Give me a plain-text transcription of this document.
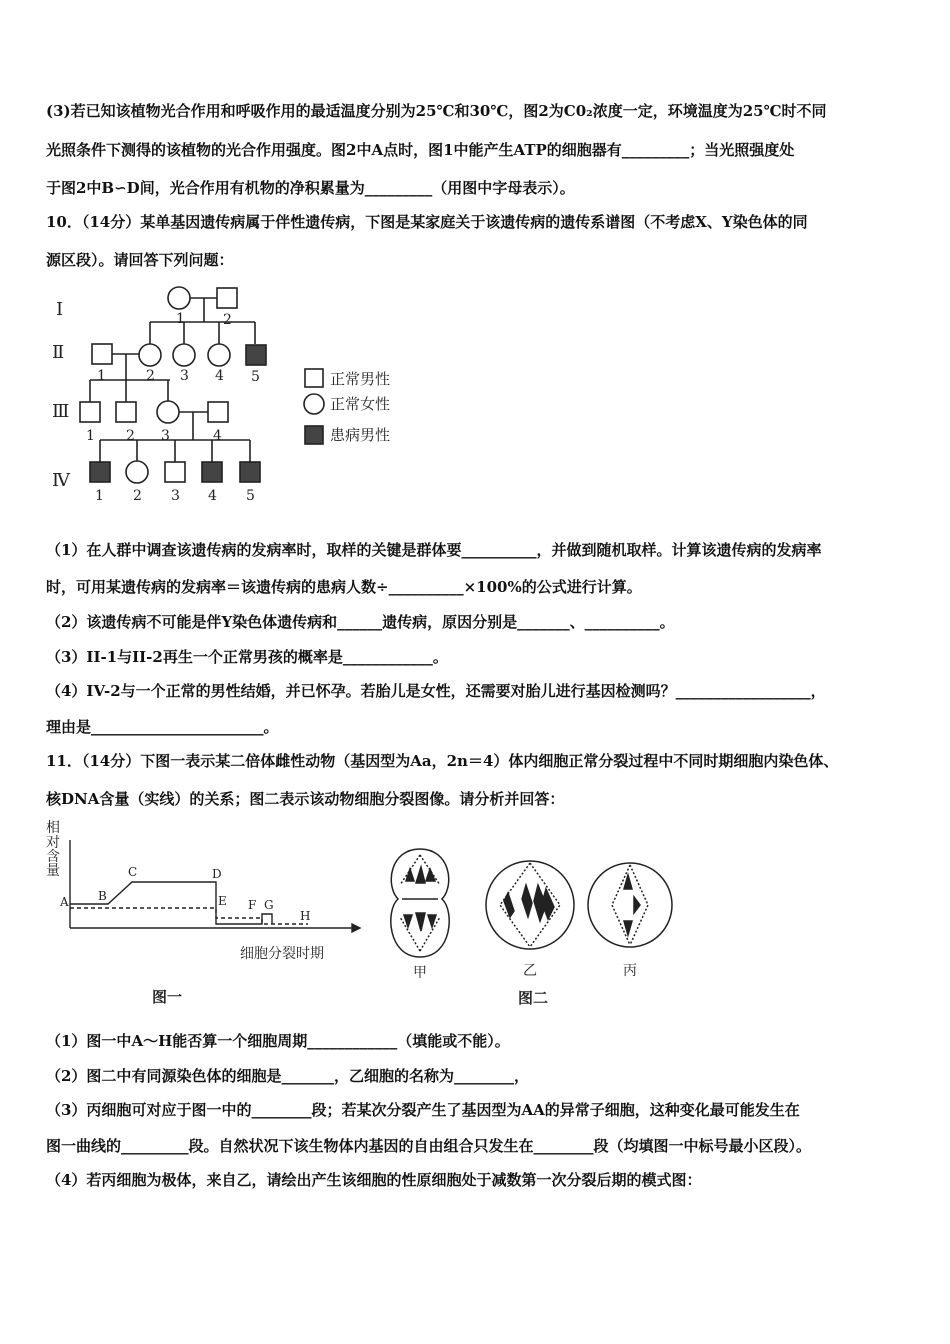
(3)若已知该植物光合作用和呼吸作用的最适温度分别为25℃和30℃，图2为C0₂浓度一定，环境温度为25℃时不同
光照条件下测得的该植物的光合作用强度。图2中A点时，图1中能产生ATP的细胞器有_________；当光照强度处
于图2中B∽D间，光合作用有机物的净积累量为_________（用图中字母表示）。
10．（14分）某单基因遗传病属于伴性遗传病，下图是某家庭关于该遗传病的遗传系谱图（不考虑X、Y染色体的同
源区段）。请回答下列问题：
Ⅰ
Ⅱ
Ⅲ
Ⅳ
1	2
1	2 3 4 5
1 2 3	4
1 2 3 4 5
正常男性
正常女性
患病男性
（1）在人群中调查该遗传病的发病率时，取样的关键是群体要__________，并做到随机取样。计算该遗传病的发病率
时，可用某遗传病的发病率＝该遗传病的患病人数÷__________×100%的公式进行计算。
（2）该遗传病不可能是伴Y染色体遗传病和______遗传病，原因分别是_______、__________。
（3）II-1与II-2再生一个正常男孩的概率是____________。
（4）IV-2与一个正常的男性结婚，并已怀孕。若胎儿是女性，还需要对胎儿进行基因检测吗？__________________，
理由是_______________________。
11．（14分）下图一表示某二倍体雌性动物（基因型为Aa，2n＝4）体内细胞正常分裂过程中不同时期细胞内染色体、
核DNA含量（实线）的关系；图二表示该动物细胞分裂图像。请分析并回答：
相
对
含
量
A B
C	D
E F G
H
细胞分裂时期
图一
甲	乙	丙
图二
（1）图一中A～H能否算一个细胞周期____________（填能或不能）。
（2）图二中有同源染色体的细胞是_______，乙细胞的名称为________，
（3）丙细胞可对应于图一中的________段；若某次分裂产生了基因型为AA的异常子细胞，这种变化最可能发生在
图一曲线的_________段。自然状况下该生物体内基因的自由组合只发生在________段（均填图一中标号最小区段）。
（4）若丙细胞为极体，来自乙，请绘出产生该细胞的性原细胞处于减数第一次分裂后期的模式图：
